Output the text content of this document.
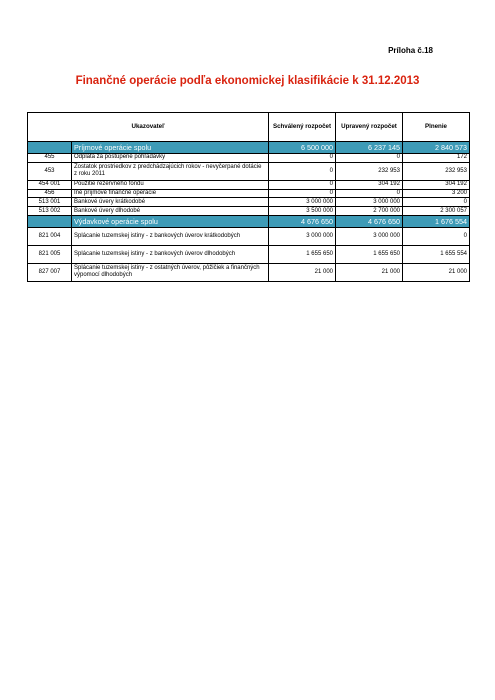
Príloha č.18
Finančné operácie podľa ekonomickej klasifikácie k 31.12.2013
Ukazovateľ		Schválený rozpočet	Upravený rozpočet	Plnenie
	Príjmové operácie spolu	6 500 000	6 237 145	2 840 573
455	Odplata za postúpené pohľadávky	0	0	172
453	Zostatok prostriedkov z predchádzajúcich rokov - nevyčerpané dotácie z roku 2011	0	232 953	232 953
454 001	Použitie rezervného fondu	0	304 192	304 192
456	Iné príjmové finančné operácie	0	0	3 200
513 001	Bankové úvery krátkodobé	3 000 000	3 000 000	0
513 002	Bankové úvery dlhodobé	3 500 000	2 700 000	2 300 057
	Výdavkové operácie spolu	4 676 650	4 676 650	1 676 554
821 004	Splácanie tuzemskej istiny - z bankových úverov krátkodobých	3 000 000	3 000 000	0
821 005	Splácanie tuzemskej istiny - z bankových úverov dlhodobých	1 655 650	1 655 650	1 655 554
827 007	Splácanie tuzemskej istiny - z ostatných úverov, pôžičiek a finančných výpomocí dlhodobých	21 000	21 000	21 000
